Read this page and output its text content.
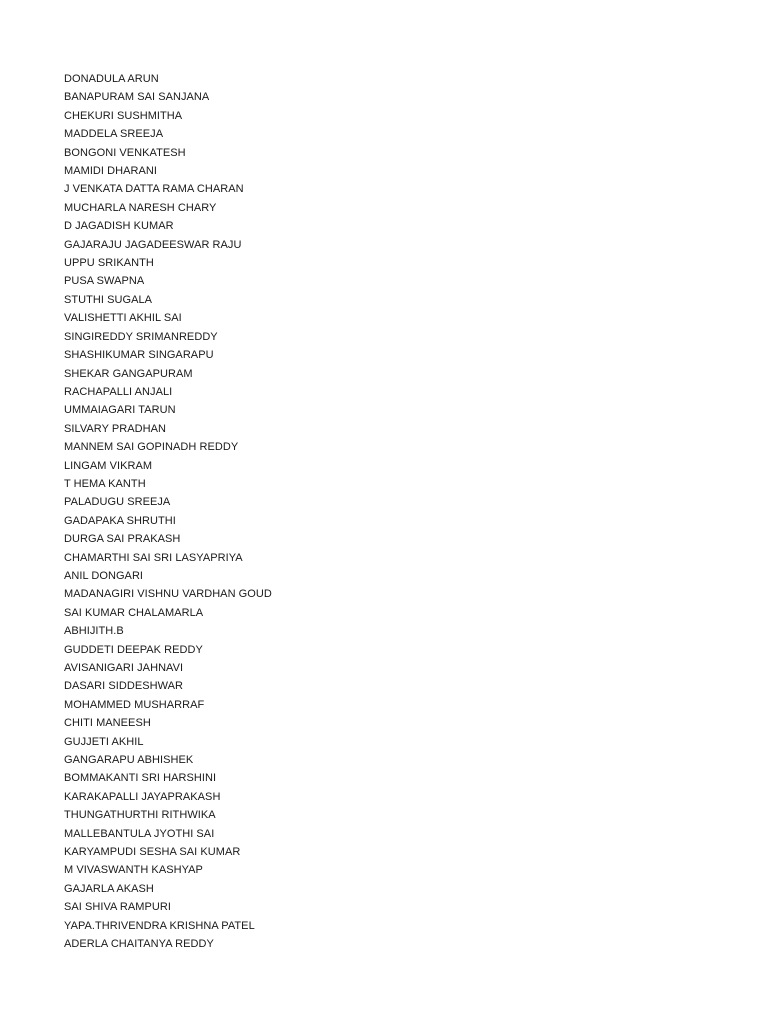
DONADULA ARUN
BANAPURAM SAI SANJANA
CHEKURI SUSHMITHA
MADDELA SREEJA
BONGONI VENKATESH
MAMIDI DHARANI
J VENKATA DATTA RAMA CHARAN
MUCHARLA NARESH CHARY
D JAGADISH KUMAR
GAJARAJU JAGADEESWAR RAJU
UPPU SRIKANTH
PUSA SWAPNA
STUTHI SUGALA
VALISHETTI AKHIL SAI
SINGIREDDY SRIMANREDDY
SHASHIKUMAR SINGARAPU
SHEKAR GANGAPURAM
RACHAPALLI ANJALI
UMMAIAGARI TARUN
SILVARY PRADHAN
MANNEM SAI GOPINADH REDDY
LINGAM VIKRAM
T HEMA KANTH
PALADUGU SREEJA
GADAPAKA SHRUTHI
DURGA SAI PRAKASH
CHAMARTHI SAI SRI LASYAPRIYA
ANIL DONGARI
MADANAGIRI VISHNU VARDHAN GOUD
SAI KUMAR CHALAMARLA
ABHIJITH.B
GUDDETI DEEPAK REDDY
AVISANIGARI JAHNAVI
DASARI SIDDESHWAR
MOHAMMED MUSHARRAF
CHITI MANEESH
GUJJETI AKHIL
GANGARAPU ABHISHEK
BOMMAKANTI SRI HARSHINI
KARAKAPALLI JAYAPRAKASH
THUNGATHURTHI RITHWIKA
MALLEBANTULA JYOTHI SAI
KARYAMPUDI SESHA SAI KUMAR
M VIVASWANTH KASHYAP
GAJARLA AKASH
SAI SHIVA RAMPURI
YAPA.THRIVENDRA KRISHNA PATEL
ADERLA CHAITANYA REDDY
